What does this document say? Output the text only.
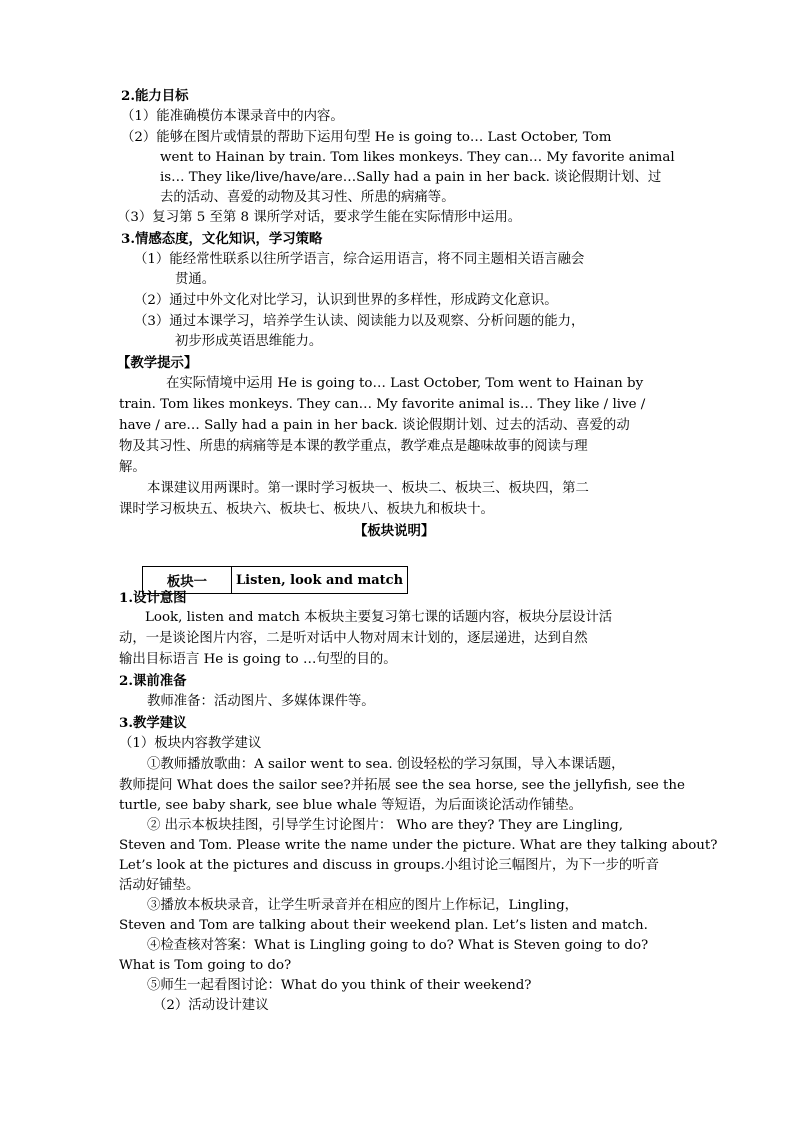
2.能力目标
（1）能准确模仿本课录音中的内容。
（2）能够在图片或情景的帮助下运用句型 He is going to… Last October, Tom
went to Hainan by train. Tom likes monkeys. They can… My favorite animal
is… They like/live/have/are…Sally had a pain in her back. 谈论假期计划、过
去的活动、喜爱的动物及其习性、所患的病痛等。
（3）复习第 5 至第 8 课所学对话，要求学生能在实际情形中运用。
3.情感态度，文化知识，学习策略
（1）能经常性联系以往所学语言，综合运用语言，将不同主题相关语言融会
贯通。
（2）通过中外文化对比学习，认识到世界的多样性，形成跨文化意识。
（3）通过本课学习，培养学生认读、阅读能力以及观察、分析问题的能力，
初步形成英语思维能力。
【教学提示】
在实际情境中运用 He is going to… Last October, Tom went to Hainan by
train. Tom likes monkeys. They can… My favorite animal is… They like / live /
have / are… Sally had a pain in her back. 谈论假期计划、过去的活动、喜爱的动
物及其习性、所患的病痛等是本课的教学重点，教学难点是趣味故事的阅读与理
解。
本课建议用两课时。第一课时学习板块一、板块二、板块三、板块四，第二
课时学习板块五、板块六、板块七、板块八、板块九和板块十。
【板块说明】
1.设计意图
Look, listen and match 本板块主要复习第七课的话题内容，板块分层设计活
动，一是谈论图片内容，二是听对话中人物对周末计划的，逐层递进，达到自然
输出目标语言 He is going to …句型的目的。
2.课前准备
教师准备：活动图片、多媒体课件等。
3.教学建议
（1）板块内容教学建议
①教师播放歌曲：A sailor went to sea. 创设轻松的学习氛围，导入本课话题，
教师提问 What does the sailor see?并拓展 see the sea horse, see the jellyfish, see the
turtle, see baby shark, see blue whale 等短语，为后面谈论活动作铺垫。
② 出示本板块挂图，引导学生讨论图片： Who are they? They are Lingling,
Steven and Tom. Please write the name under the picture. What are they talking about?
Let’s look at the pictures and discuss in groups.小组讨论三幅图片，为下一步的听音
活动好铺垫。
③播放本板块录音，让学生听录音并在相应的图片上作标记，Lingling，
Steven and Tom are talking about their weekend plan. Let’s listen and match.
④检查核对答案：What is Lingling going to do? What is Steven going to do?
What is Tom going to do?
⑤师生一起看图讨论：What do you think of their weekend?
（2）活动设计建议
板块一	Listen, look and match
